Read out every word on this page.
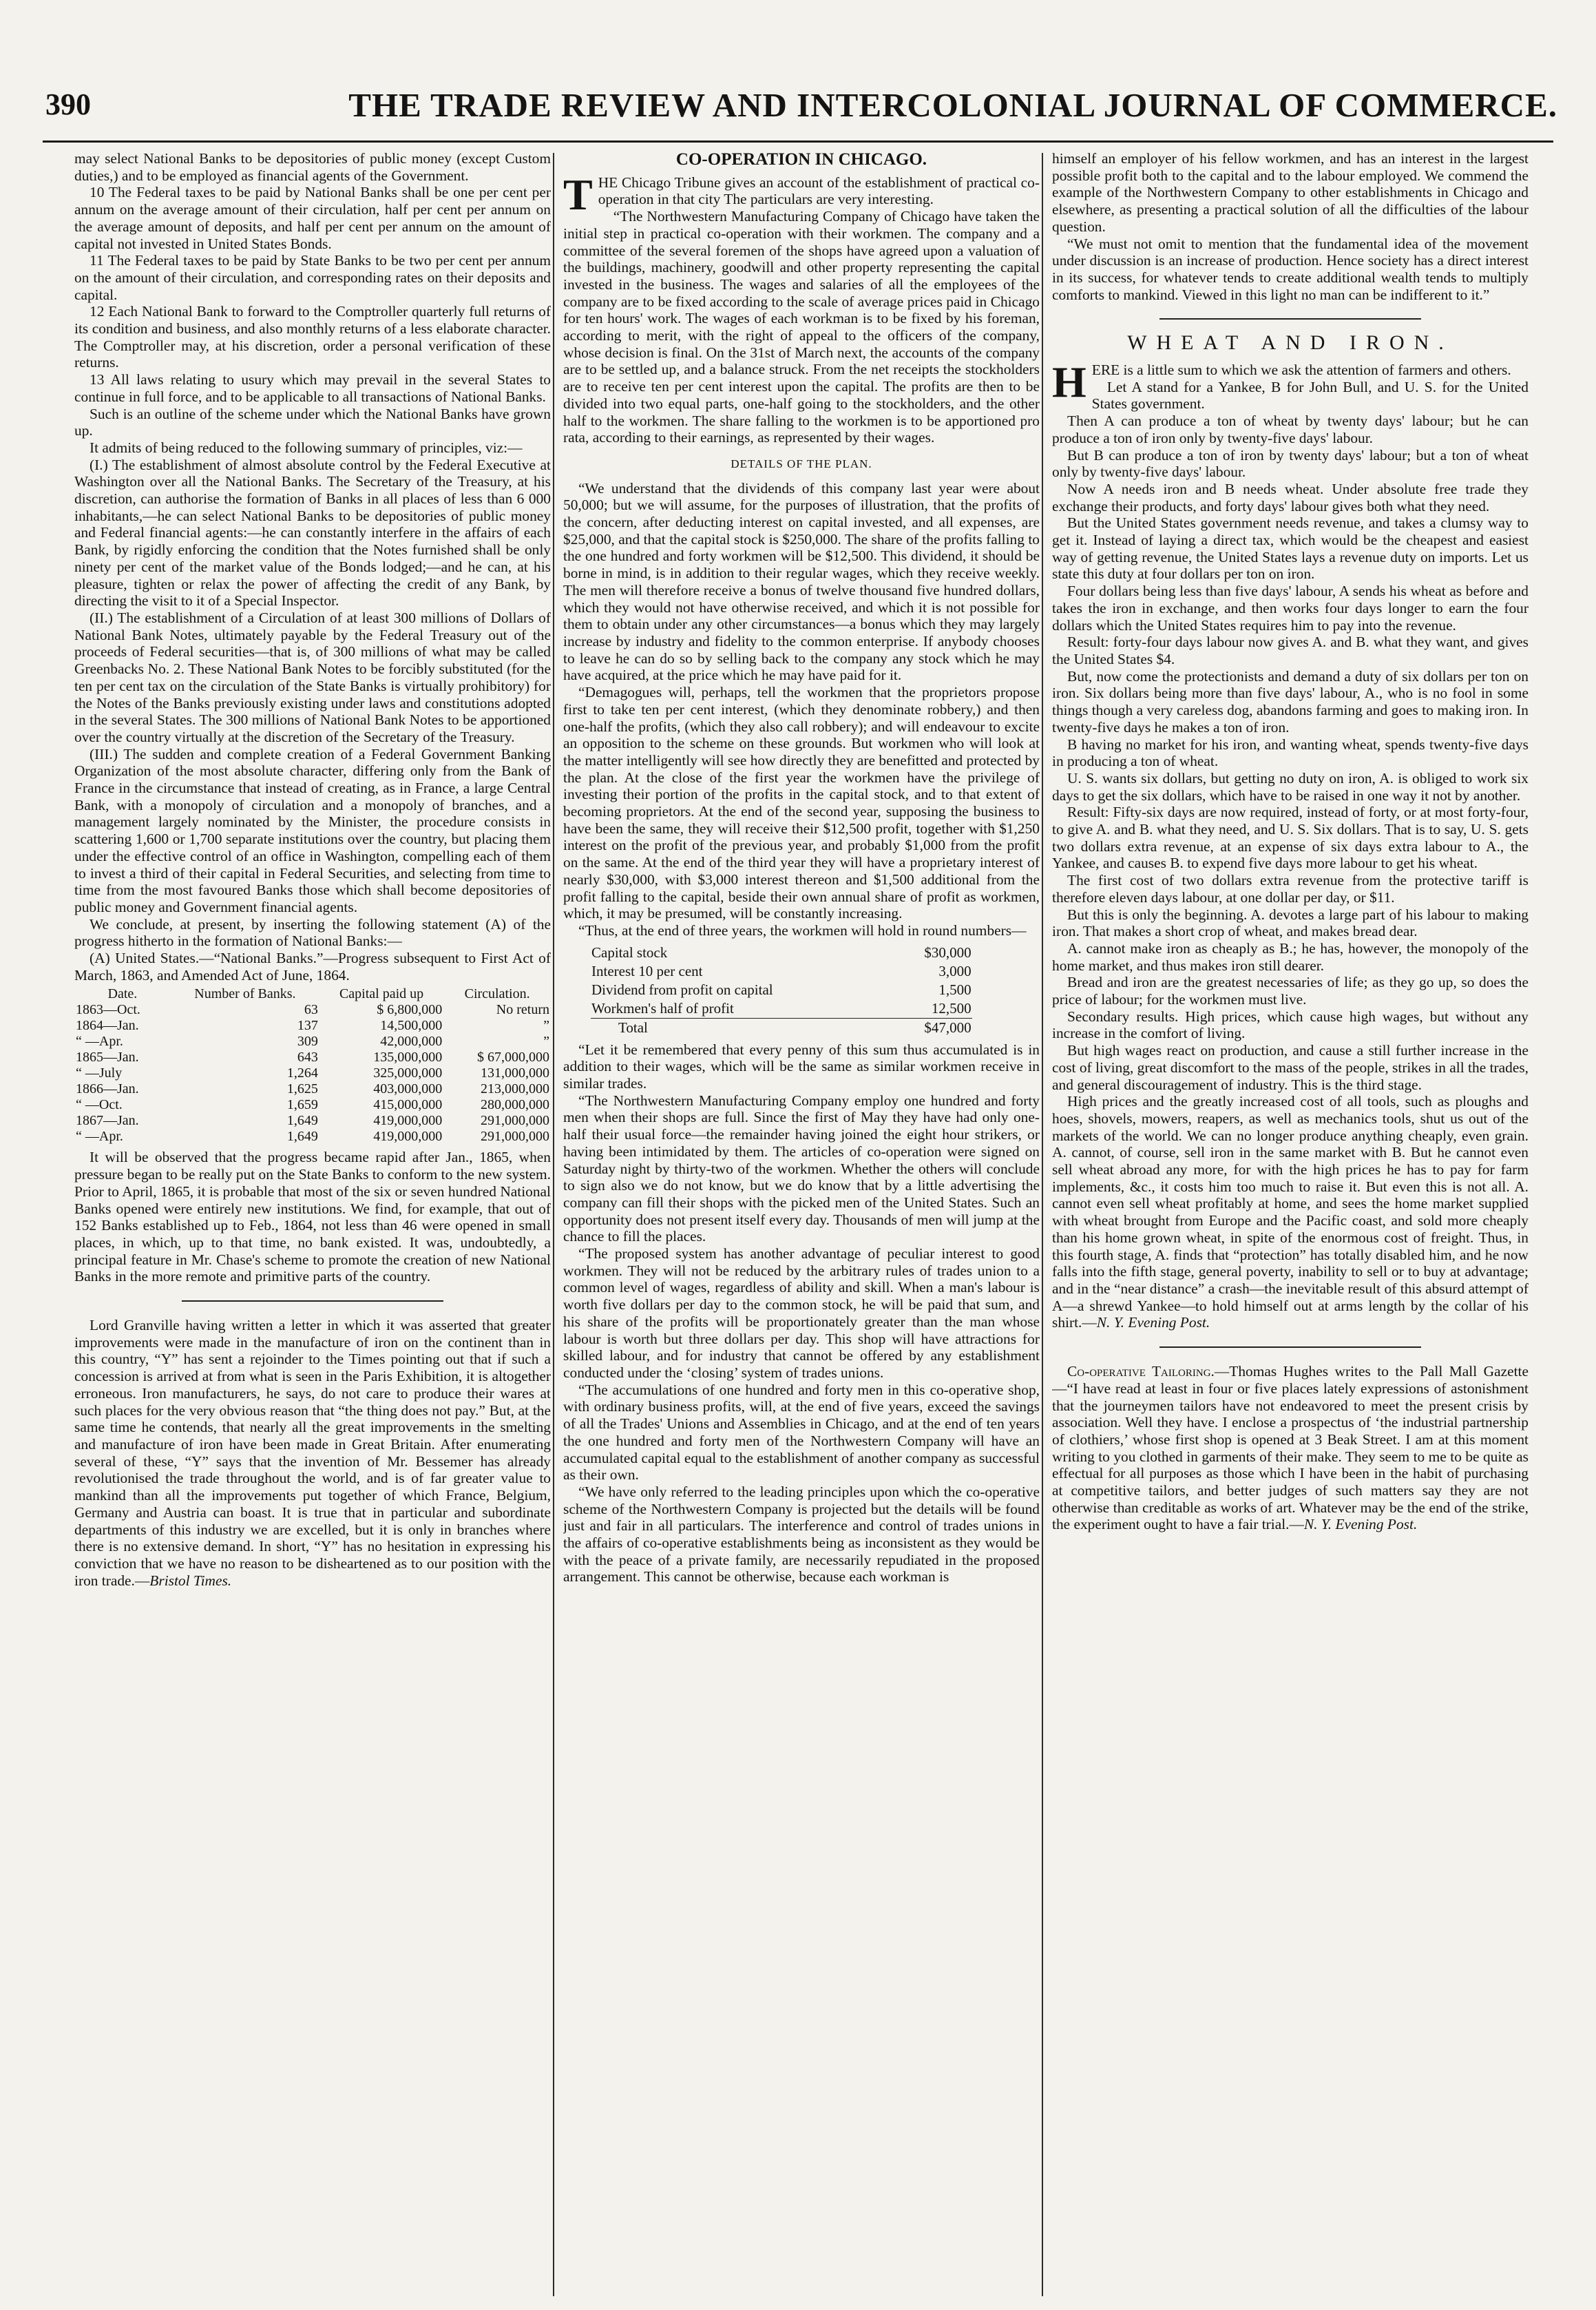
390	THE TRADE REVIEW AND INTERCOLONIAL JOURNAL OF COMMERCE.

may select National Banks to be depositories of public money (except Custom duties,) and to be employed as financial agents of the Government.

10 The Federal taxes to be paid by National Banks shall be one per cent per annum on the average amount of their circulation, half per cent per annum on the average amount of deposits, and half per cent per annum on the amount of capital not invested in United States Bonds.

11 The Federal taxes to be paid by State Banks to be two per cent per annum on the amount of their circulation, and corresponding rates on their deposits and capital.

12 Each National Bank to forward to the Comptroller quarterly full returns of its condition and business, and also monthly returns of a less elaborate character. The Comptroller may, at his discretion, order a personal verification of these returns.

13 All laws relating to usury which may prevail in the several States to continue in full force, and to be applicable to all transactions of National Banks.

Such is an outline of the scheme under which the National Banks have grown up.

It admits of being reduced to the following summary of principles, viz:—

(I.) The establishment of almost absolute control by the Federal Executive at Washington over all the National Banks. The Secretary of the Treasury, at his discretion, can authorise the formation of Banks in all places of less than 6 000 inhabitants,—he can select National Banks to be depositories of public money and Federal financial agents:—he can constantly interfere in the affairs of each Bank, by rigidly enforcing the condition that the Notes furnished shall be only ninety per cent of the market value of the Bonds lodged;—and he can, at his pleasure, tighten or relax the power of affecting the credit of any Bank, by directing the visit to it of a Special Inspector.

(II.) The establishment of a Circulation of at least 300 millions of Dollars of National Bank Notes, ultimately payable by the Federal Treasury out of the proceeds of Federal securities—that is, of 300 millions of what may be called Greenbacks No. 2. These National Bank Notes to be forcibly substituted (for the ten per cent tax on the circulation of the State Banks is virtually prohibitory) for the Notes of the Banks previously existing under laws and constitutions adopted in the several States. The 300 millions of National Bank Notes to be apportioned over the country virtually at the discretion of the Secretary of the Treasury.

(III.) The sudden and complete creation of a Federal Government Banking Organization of the most absolute character, differing only from the Bank of France in the circumstance that instead of creating, as in France, a large Central Bank, with a monopoly of circulation and a monopoly of branches, and a management largely nominated by the Minister, the procedure consists in scattering 1,600 or 1,700 separate institutions over the country, but placing them under the effective control of an office in Washington, compelling each of them to invest a third of their capital in Federal Securities, and selecting from time to time from the most favoured Banks those which shall become depositories of public money and Government financial agents.

We conclude, at present, by inserting the following statement (A) of the progress hitherto in the formation of National Banks:—

(A) United States.—“National Banks.”—Progress subsequent to First Act of March, 1863, and Amended Act of June, 1864.

Date.	Number of Banks.	Capital paid up	Circulation.
1863—Oct.	63	$ 6,800,000	No return
1864—Jan.	137	14,500,000	”
“ —Apr.	309	42,000,000	”
1865—Jan.	643	135,000,000	$ 67,000,000
“ —July	1,264	325,000,000	131,000,000
1866—Jan.	1,625	403,000,000	213,000,000
“ —Oct.	1,659	415,000,000	280,000,000
1867—Jan.	1,649	419,000,000	291,000,000
“ —Apr.	1,649	419,000,000	291,000,000

It will be observed that the progress became rapid after Jan., 1865, when pressure began to be really put on the State Banks to conform to the new system. Prior to April, 1865, it is probable that most of the six or seven hundred National Banks opened were entirely new institutions. We find, for example, that out of 152 Banks established up to Feb., 1864, not less than 46 were opened in small places, in which, up to that time, no bank existed. It was, undoubtedly, a principal feature in Mr. Chase's scheme to promote the creation of new National Banks in the more remote and primitive parts of the country.

Lord Granville having written a letter in which it was asserted that greater improvements were made in the manufacture of iron on the continent than in this country, “Y” has sent a rejoinder to the Times pointing out that if such a concession is arrived at from what is seen in the Paris Exhibition, it is altogether erroneous. Iron manufacturers, he says, do not care to produce their wares at such places for the very obvious reason that “the thing does not pay.” But, at the same time he contends, that nearly all the great improvements in the smelting and manufacture of iron have been made in Great Britain. After enumerating several of these, “Y” says that the invention of Mr. Bessemer has already revolutionised the trade throughout the world, and is of far greater value to mankind than all the improvements put together of which France, Belgium, Germany and Austria can boast. It is true that in particular and subordinate departments of this industry we are excelled, but it is only in branches where there is no extensive demand. In short, “Y” has no hesitation in expressing his conviction that we have no reason to be disheartened as to our position with the iron trade.—Bristol Times.

CO-OPERATION IN CHICAGO.

THE Chicago Tribune gives an account of the establishment of practical co-operation in that city The particulars are very interesting.

“The Northwestern Manufacturing Company of Chicago have taken the initial step in practical co-operation with their workmen. The company and a committee of the several foremen of the shops have agreed upon a valuation of the buildings, machinery, goodwill and other property representing the capital invested in the business. The wages and salaries of all the employees of the company are to be fixed according to the scale of average prices paid in Chicago for ten hours' work. The wages of each workman is to be fixed by his foreman, according to merit, with the right of appeal to the officers of the company, whose decision is final. On the 31st of March next, the accounts of the company are to be settled up, and a balance struck. From the net receipts the stockholders are to receive ten per cent interest upon the capital. The profits are then to be divided into two equal parts, one-half going to the stockholders, and the other half to the workmen. The share falling to the workmen is to be apportioned pro rata, according to their earnings, as represented by their wages.

DETAILS OF THE PLAN.

“We understand that the dividends of this company last year were about 50,000; but we will assume, for the purposes of illustration, that the profits of the concern, after deducting interest on capital invested, and all expenses, are $25,000, and that the capital stock is $250,000. The share of the profits falling to the one hundred and forty workmen will be $12,500. This dividend, it should be borne in mind, is in addition to their regular wages, which they receive weekly. The men will therefore receive a bonus of twelve thousand five hundred dollars, which they would not have otherwise received, and which it is not possible for them to obtain under any other circumstances—a bonus which they may largely increase by industry and fidelity to the common enterprise. If anybody chooses to leave he can do so by selling back to the company any stock which he may have acquired, at the price which he may have paid for it.

“Demagogues will, perhaps, tell the workmen that the proprietors propose first to take ten per cent interest, (which they denominate robbery,) and then one-half the profits, (which they also call robbery); and will endeavour to excite an opposition to the scheme on these grounds. But workmen who will look at the matter intelligently will see how directly they are benefitted and protected by the plan. At the close of the first year the workmen have the privilege of investing their portion of the profits in the capital stock, and to that extent of becoming proprietors. At the end of the second year, supposing the business to have been the same, they will receive their $12,500 profit, together with $1,250 interest on the profit of the previous year, and probably $1,000 from the profit on the same. At the end of the third year they will have a proprietary interest of nearly $30,000, with $3,000 interest thereon and $1,500 additional from the profit falling to the capital, beside their own annual share of profit as workmen, which, it may be presumed, will be constantly increasing.

“Thus, at the end of three years, the workmen will hold in round numbers—

Capital stock	$30,000
Interest 10 per cent	3,000
Dividend from profit on capital	1,500
Workmen's half of profit	12,500
Total	$47,000

“Let it be remembered that every penny of this sum thus accumulated is in addition to their wages, which will be the same as similar workmen receive in similar trades.

“The Northwestern Manufacturing Company employ one hundred and forty men when their shops are full. Since the first of May they have had only one-half their usual force—the remainder having joined the eight hour strikers, or having been intimidated by them. The articles of co-operation were signed on Saturday night by thirty-two of the workmen. Whether the others will conclude to sign also we do not know, but we do know that by a little advertising the company can fill their shops with the picked men of the United States. Such an opportunity does not present itself every day. Thousands of men will jump at the chance to fill the places.

“The proposed system has another advantage of peculiar interest to good workmen. They will not be reduced by the arbitrary rules of trades union to a common level of wages, regardless of ability and skill. When a man's labour is worth five dollars per day to the common stock, he will be paid that sum, and his share of the profits will be proportionately greater than the man whose labour is worth but three dollars per day. This shop will have attractions for skilled labour, and for industry that cannot be offered by any establishment conducted under the ‘closing’ system of trades unions.

“The accumulations of one hundred and forty men in this co-operative shop, with ordinary business profits, will, at the end of five years, exceed the savings of all the Trades' Unions and Assemblies in Chicago, and at the end of ten years the one hundred and forty men of the Northwestern Company will have an accumulated capital equal to the establishment of another company as successful as their own.

“We have only referred to the leading principles upon which the co-operative scheme of the Northwestern Company is projected but the details will be found just and fair in all particulars. The interference and control of trades unions in the affairs of co-operative establishments being as inconsistent as they would be with the peace of a private family, are necessarily repudiated in the proposed arrangement. This cannot be otherwise, because each workman is

himself an employer of his fellow workmen, and has an interest in the largest possible profit both to the capital and to the labour employed. We commend the example of the Northwestern Company to other establishments in Chicago and elsewhere, as presenting a practical solution of all the difficulties of the labour question.

“We must not omit to mention that the fundamental idea of the movement under discussion is an increase of production. Hence society has a direct interest in its success, for whatever tends to create additional wealth tends to multiply comforts to mankind. Viewed in this light no man can be indifferent to it.”

WHEAT AND IRON.

HERE is a little sum to which we ask the attention of farmers and others.

Let A stand for a Yankee, B for John Bull, and U. S. for the United States government.

Then A can produce a ton of wheat by twenty days' labour; but he can produce a ton of iron only by twenty-five days' labour.

But B can produce a ton of iron by twenty days' labour; but a ton of wheat only by twenty-five days' labour.

Now A needs iron and B needs wheat. Under absolute free trade they exchange their products, and forty days' labour gives both what they need.

But the United States government needs revenue, and takes a clumsy way to get it. Instead of laying a direct tax, which would be the cheapest and easiest way of getting revenue, the United States lays a revenue duty on imports. Let us state this duty at four dollars per ton on iron.

Four dollars being less than five days' labour, A sends his wheat as before and takes the iron in exchange, and then works four days longer to earn the four dollars which the United States requires him to pay into the revenue.

Result: forty-four days labour now gives A. and B. what they want, and gives the United States $4.

But, now come the protectionists and demand a duty of six dollars per ton on iron. Six dollars being more than five days' labour, A., who is no fool in some things though a very careless dog, abandons farming and goes to making iron. In twenty-five days he makes a ton of iron.

B having no market for his iron, and wanting wheat, spends twenty-five days in producing a ton of wheat.

U. S. wants six dollars, but getting no duty on iron, A. is obliged to work six days to get the six dollars, which have to be raised in one way it not by another.

Result: Fifty-six days are now required, instead of forty, or at most forty-four, to give A. and B. what they need, and U. S. Six dollars. That is to say, U. S. gets two dollars extra revenue, at an expense of six days extra labour to A., the Yankee, and causes B. to expend five days more labour to get his wheat.

The first cost of two dollars extra revenue from the protective tariff is therefore eleven days labour, at one dollar per day, or $11.

But this is only the beginning. A. devotes a large part of his labour to making iron. That makes a short crop of wheat, and makes bread dear.

A. cannot make iron as cheaply as B.; he has, however, the monopoly of the home market, and thus makes iron still dearer.

Bread and iron are the greatest necessaries of life; as they go up, so does the price of labour; for the workmen must live.

Secondary results. High prices, which cause high wages, but without any increase in the comfort of living.

But high wages react on production, and cause a still further increase in the cost of living, great discomfort to the mass of the people, strikes in all the trades, and general discouragement of industry. This is the third stage.

High prices and the greatly increased cost of all tools, such as ploughs and hoes, shovels, mowers, reapers, as well as mechanics tools, shut us out of the markets of the world. We can no longer produce anything cheaply, even grain. A. cannot, of course, sell iron in the same market with B. But he cannot even sell wheat abroad any more, for with the high prices he has to pay for farm implements, &c., it costs him too much to raise it. But even this is not all. A. cannot even sell wheat profitably at home, and sees the home market supplied with wheat brought from Europe and the Pacific coast, and sold more cheaply than his home grown wheat, in spite of the enormous cost of freight. Thus, in this fourth stage, A. finds that “protection” has totally disabled him, and he now falls into the fifth stage, general poverty, inability to sell or to buy at advantage; and in the “near distance” a crash—the inevitable result of this absurd attempt of A—a shrewd Yankee—to hold himself out at arms length by the collar of his shirt.—N. Y. Evening Post.

Co-operative Tailoring.—Thomas Hughes writes to the Pall Mall Gazette —“I have read at least in four or five places lately expressions of astonishment that the journeymen tailors have not endeavored to meet the present crisis by association. Well they have. I enclose a prospectus of ‘the industrial partnership of clothiers,’ whose first shop is opened at 3 Beak Street. I am at this moment writing to you clothed in garments of their make. They seem to me to be quite as effectual for all purposes as those which I have been in the habit of purchasing at competitive tailors, and better judges of such matters say they are not otherwise than creditable as works of art. Whatever may be the end of the strike, the experiment ought to have a fair trial.—N. Y. Evening Post.
